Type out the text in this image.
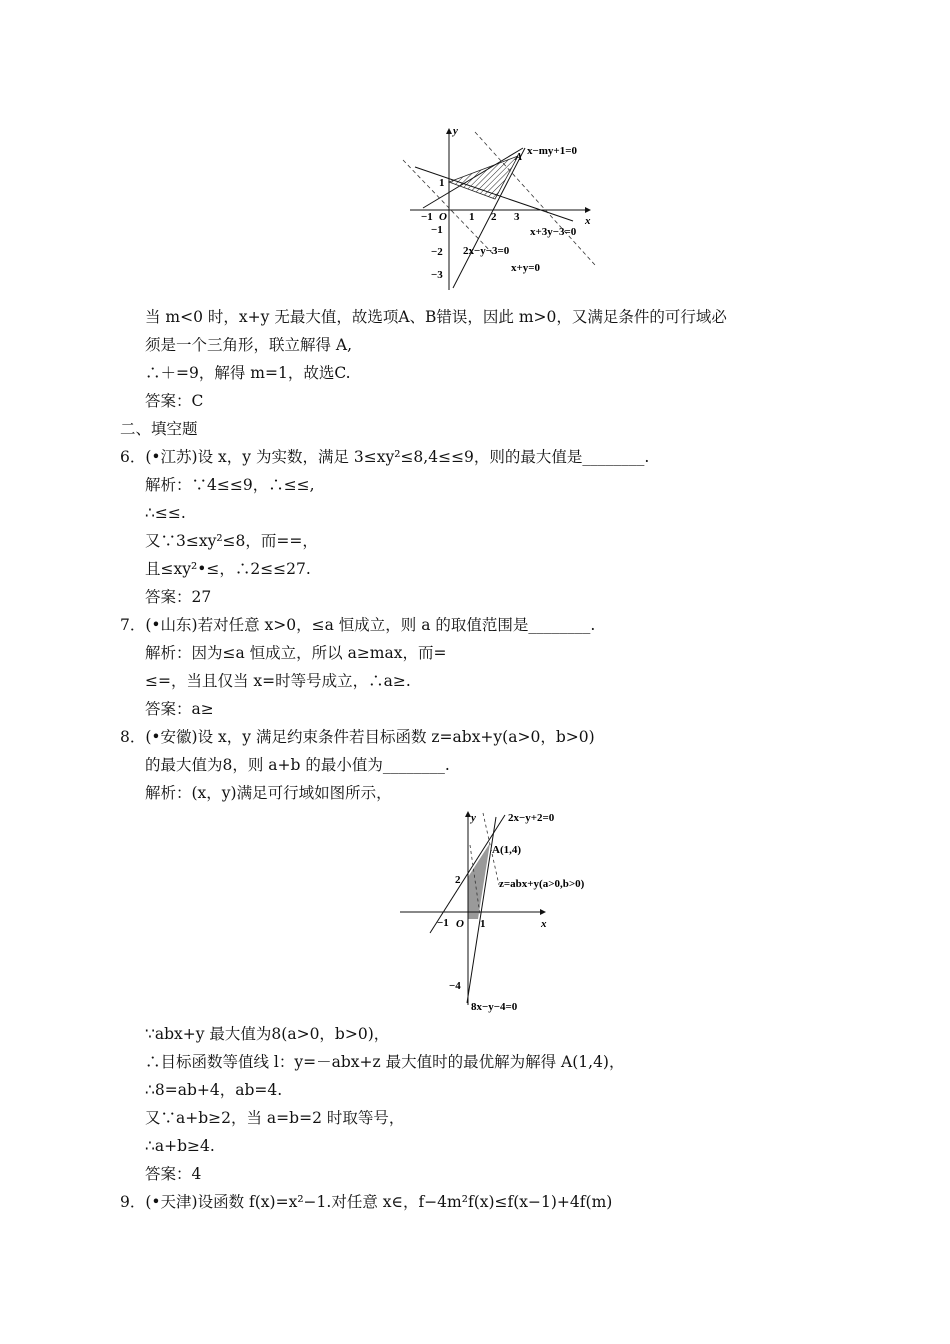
y
x
O
A x−my+1=0
x+3y−3=0
2x−y−3=0
x+y=0
−1	1 2 3
1
−1
−2
−3
y
x
O
2x−y+2=0
A(1,4)
z=abx+y(a>0,b>0)
8x−y−4=0
−1	1
2
−4
当 m<0 时，x+y 无最大值，故选项A、B错误，因此 m>0，又满足条件的可行域必
须是一个三角形，联立解得 A,
∴＋=9，解得 m=1，故选C.
答案：C
二、填空题
6．(•江苏)设 x，y 为实数，满足 3≤xy²≤8,4≤≤9，则的最大值是________.
解析：∵4≤≤9，∴≤≤,
∴≤≤.
又∵3≤xy²≤8，而==，
且≤xy²•≤，∴2≤≤27.
答案：27
7．(•山东)若对任意 x>0，≤a 恒成立，则 a 的取值范围是________.
解析：因为≤a 恒成立，所以 a≥max，而=
≤=，当且仅当 x=时等号成立，∴a≥.
答案：a≥
8．(•安徽)设 x，y 满足约束条件若目标函数 z=abx+y(a>0，b>0)
的最大值为8，则 a+b 的最小值为________.
解析：(x，y)满足可行域如图所示，
∵abx+y 最大值为8(a>0，b>0)，
∴目标函数等值线 l：y=－abx+z 最大值时的最优解为解得 A(1,4)，
∴8=ab+4，ab=4.
又∵a+b≥2，当 a=b=2 时取等号，
∴a+b≥4.
答案：4
9．(•天津)设函数 f(x)=x²−1.对任意 x∈，f−4m²f(x)≤f(x−1)+4f(m)
